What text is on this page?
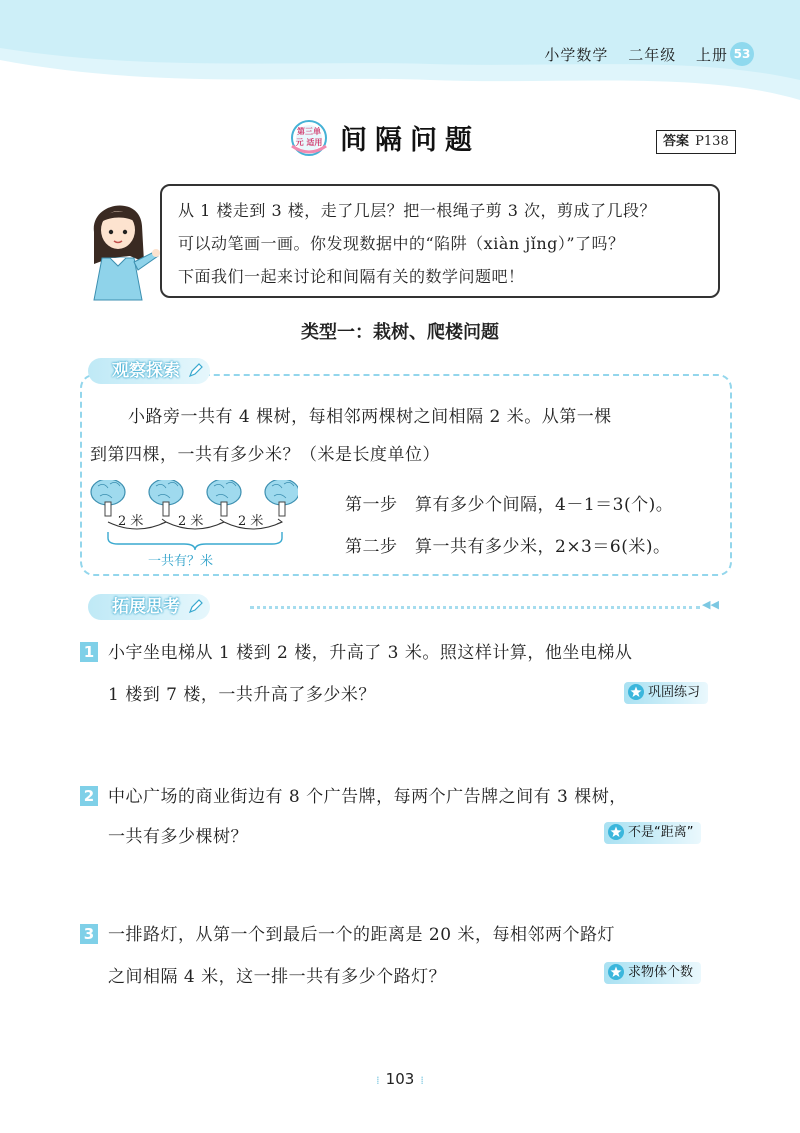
小学数学 二年级 上册 53
第三单元 适用 间隔问题	答案 P138

从 1 楼走到 3 楼，走了几层？把一根绳子剪 3 次，剪成了几段？

可以动笔画一画。你发现数据中的“陷阱（xiàn jǐng）”了吗？

下面我们一起来讨论和间隔有关的数学问题吧！

类型一：栽树、爬楼问题
观察探索
小路旁一共有 4 棵树，每相邻两棵树之间相隔 2 米。从第一棵
到第四棵，一共有多少米？（米是长度单位）
2 米	2 米	2 米
一共有？米
第一步　算有多少个间隔，4－1＝3(个)。
第二步　算一共有多少米，2×3＝6(米)。
拓展思考	◀◀
1 小宇坐电梯从 1 楼到 2 楼，升高了 3 米。照这样计算，他坐电梯从
1 楼到 7 楼，一共升高了多少米？	巩固练习
2 中心广场的商业街边有 8 个广告牌，每两个广告牌之间有 3 棵树，
一共有多少棵树？	不是“距离”
3 一排路灯，从第一个到最后一个的距离是 20 米，每相邻两个路灯
之间相隔 4 米，这一排一共有多少个路灯？	求物体个数
⁞ 103 ⁞
